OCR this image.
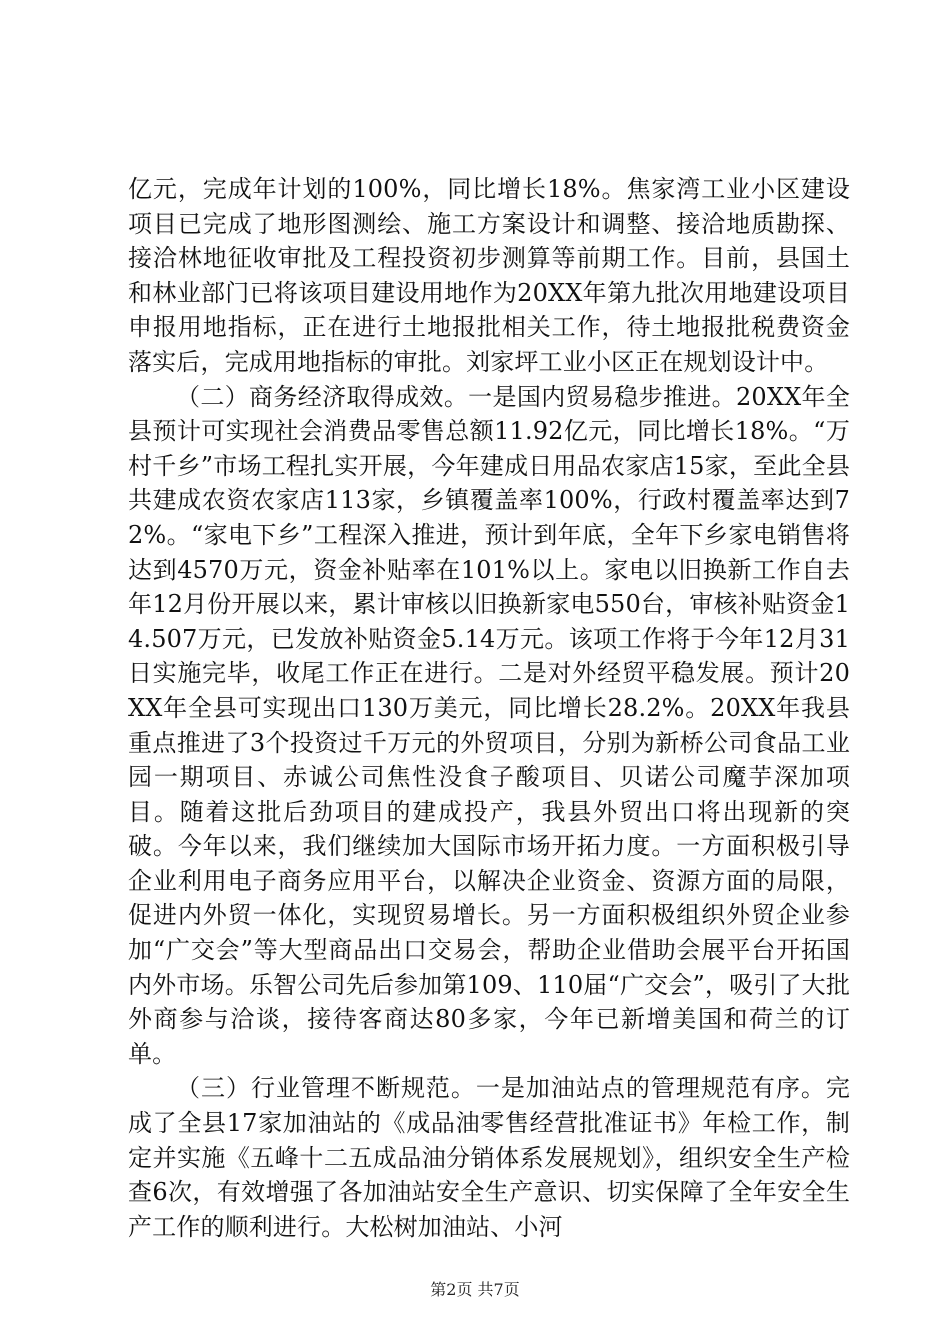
亿元，完成年计划的100%，同比增长18%。焦家湾工业小区建设项目已完成了地形图测绘、施工方案设计和调整、接洽地质勘探、接洽林地征收审批及工程投资初步测算等前期工作。目前，县国土和林业部门已将该项目建设用地作为20XX年第九批次用地建设项目申报用地指标，正在进行土地报批相关工作，待土地报批税费资金落实后，完成用地指标的审批。刘家坪工业小区正在规划设计中。

（二）商务经济取得成效。一是国内贸易稳步推进。20XX年全县预计可实现社会消费品零售总额11.92亿元，同比增长18%。“万村千乡”市场工程扎实开展，今年建成日用品农家店15家，至此全县共建成农资农家店113家，乡镇覆盖率100%，行政村覆盖率达到72%。“家电下乡”工程深入推进，预计到年底，全年下乡家电销售将达到4570万元，资金补贴率在101%以上。家电以旧换新工作自去年12月份开展以来，累计审核以旧换新家电550台，审核补贴资金14.507万元，已发放补贴资金5.14万元。该项工作将于今年12月31日实施完毕，收尾工作正在进行。二是对外经贸平稳发展。预计20XX年全县可实现出口130万美元，同比增长28.2%。20XX年我县重点推进了3个投资过千万元的外贸项目，分别为新桥公司食品工业园一期项目、赤诚公司焦性没食子酸项目、贝诺公司魔芋深加项目。随着这批后劲项目的建成投产，我县外贸出口将出现新的突破。今年以来，我们继续加大国际市场开拓力度。一方面积极引导企业利用电子商务应用平台，以解决企业资金、资源方面的局限，促进内外贸一体化，实现贸易增长。另一方面积极组织外贸企业参加“广交会”等大型商品出口交易会，帮助企业借助会展平台开拓国内外市场。乐智公司先后参加第109、110届“广交会”，吸引了大批外商参与洽谈，接待客商达80多家，今年已新增美国和荷兰的订单。

（三）行业管理不断规范。一是加油站点的管理规范有序。完成了全县17家加油站的《成品油零售经营批准证书》年检工作，制定并实施《五峰十二五成品油分销体系发展规划》，组织安全生产检查6次，有效增强了各加油站安全生产意识、切实保障了全年安全生产工作的顺利进行。大松树加油站、小河

第2页 共7页
